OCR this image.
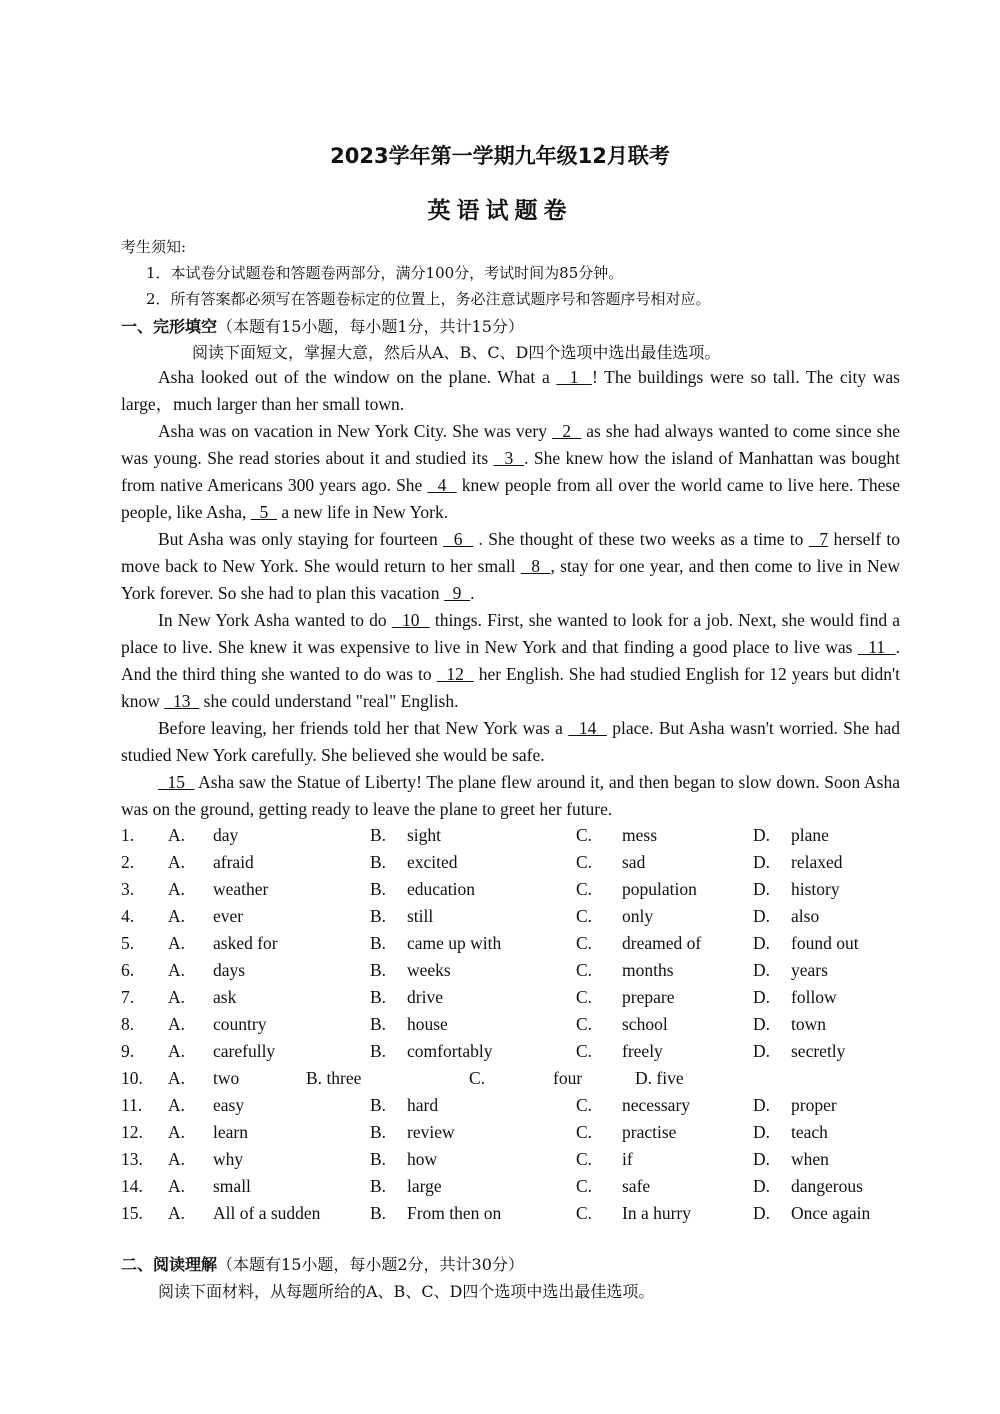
2023学年第一学期九年级12月联考
英语试题卷
考生须知:
1．本试卷分试题卷和答题卷两部分，满分100分，考试时间为85分钟。
2．所有答案都必须写在答题卷标定的位置上，务必注意试题序号和答题序号相对应。
一、完形填空（本题有15小题，每小题1分，共计15分）
阅读下面短文，掌握大意，然后从A、B、C、D四个选项中选出最佳选项。

Asha looked out of the window on the plane. What a   1  ! The buildings were so tall. The city was large，much larger than her small town.

Asha was on vacation in New York City. She was very   2   as she had always wanted to come since she was young. She read stories about it and studied its   3  . She knew how the island of Manhattan was bought from native Americans 300 years ago. She   4   knew people from all over the world came to live here. These people, like Asha,   5   a new life in New York.

But Asha was only staying for fourteen   6   . She thought of these two weeks as a time to   7 herself to move back to New York. She would return to her small   8  , stay for one year, and then come to live in New York forever. So she had to plan this vacation   9  .

In New York Asha wanted to do   10   things. First, she wanted to look for a job. Next, she would find a place to live. She knew it was expensive to live in New York and that finding a good place to live was   11  . And the third thing she wanted to do was to   12   her English. She had studied English for 12 years but didn't know   13   she could understand "real" English.

Before leaving, her friends told her that New York was a   14   place. But Asha wasn't worried. She had studied New York carefully. She believed she would be safe.

15   Asha saw the Statue of Liberty! The plane flew around it, and then began to slow down. Soon Asha was on the ground, getting ready to leave the plane to greet her future.

1. A. day	B. sight	C. mess	D. plane
2. A. afraid	B. excited	C. sad	D. relaxed
3. A. weather	B. education	C. population	D. history
4. A. ever	B. still	C. only	D. also
5. A. asked for	B. came up with	C. dreamed of	D. found out
6. A. days	B. weeks	C. months	D. years
7. A. ask	B. drive	C. prepare	D. follow
8. A. country	B. house	C. school	D. town
9. A. carefully	B. comfortably	C. freely	D. secretly
10. A. two	B. three	C.	four	D. five
11. A. easy	B. hard	C. necessary	D. proper
12. A. learn	B. review	C. practise	D. teach
13. A. why	B. how	C. if	D. when
14. A. small	B. large	C. safe	D. dangerous
15. A. All of a sudden	B. From then on	C. In a hurry	D. Once again
二、阅读理解（本题有15小题，每小题2分，共计30分）
阅读下面材料，从每题所给的A、B、C、D四个选项中选出最佳选项。
